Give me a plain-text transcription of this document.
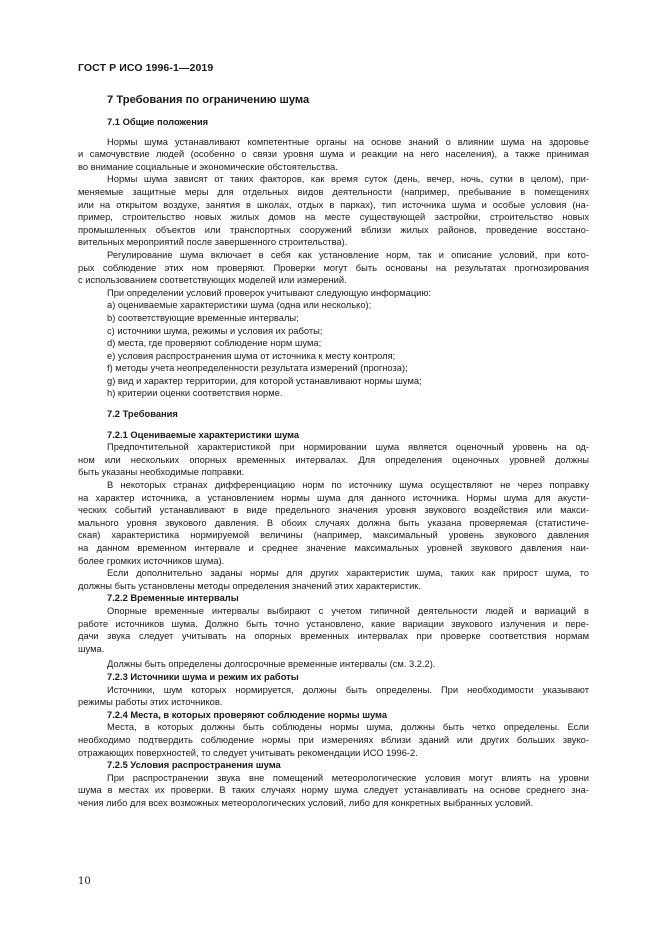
ГОСТ Р ИСО 1996-1—2019
7 Требования по ограничению шума
7.1 Общие положения
Нормы шума устанавливают компетентные органы на основе знаний о влиянии шума на здоровье
и самочувствие людей (особенно о связи уровня шума и реакции на него населения), а также принимая
во внимание социальные и экономические обстоятельства.
Нормы шума зависят от таких факторов, как время суток (день, вечер, ночь, сутки в целом), при-
меняемые защитные меры для отдельных видов деятельности (например, пребывание в помещениях
или на открытом воздухе, занятия в школах, отдых в парках), тип источника шума и особые условия (на-
пример, строительство новых жилых домов на месте существующей застройки, строительство новых
промышленных объектов или транспортных сооружений вблизи жилых районов, проведение восстано-
вительных мероприятий после завершенного строительства).
Регулирование шума включает в себя как установление норм, так и описание условий, при кото-
рых соблюдение этих ном проверяют. Проверки могут быть основаны на результатах прогнозирования
с использованием соответствующих моделей или измерений.
При определении условий проверок учитывают следующую информацию:
a) оцениваемые характеристики шума (одна или несколько);
b) соответствующие временные интервалы;
c) источники шума, режимы и условия их работы;
d) места, где проверяют соблюдение норм шума;
e) условия распространения шума от источника к месту контроля;
f) методы учета неопределенности результата измерений (прогноза);
g) вид и характер территории, для которой устанавливают нормы шума;
h) критерии оценки соответствия норме.
7.2 Требования
7.2.1 Оцениваемые характеристики шума
Предпочтительной характеристикой при нормировании шума является оценочный уровень на од-
ном или нескольких опорных временных интервалах. Для определения оценочных уровней должны
быть указаны необходимые поправки.
В некоторых странах дифференциацию норм по источнику шума осуществляют не через поправку
на характер источника, а установлением нормы шума для данного источника. Нормы шума для акусти-
ческих событий устанавливают в виде предельного значения уровня звукового воздействия или макси-
мального уровня звукового давления. В обоих случаях должна быть указана проверяемая (статистиче-
ская) характеристика нормируемой величины (например, максимальный уровень звукового давления
на данном временном интервале и среднее значение максимальных уровней звукового давления наи-
более громких источников шума).
Если дополнительно заданы нормы для других характеристик шума, таких как прирост шума, то
должны быть установлены методы определения значений этих характеристик.
7.2.2 Временные интервалы
Опорные временные интервалы выбирают с учетом типичной деятельности людей и вариаций в
работе источников шума. Должно быть точно установлено, какие вариации звукового излучения и пере-
дачи звука следует учитывать на опорных временных интервалах при проверке соответствия нормам
шума.
Должны быть определены долгосрочные временные интервалы (см. 3.2.2).
7.2.3 Источники шума и режим их работы
Источники, шум которых нормируется, должны быть определены. При необходимости указывают
режимы работы этих источников.
7.2.4 Места, в которых проверяют соблюдение нормы шума
Места, в которых должны быть соблюдены нормы шума, должны быть четко определены. Если
необходимо подтвердить соблюдение нормы при измерениях вблизи зданий или других больших звуко-
отражающих поверхностей, то следует учитывать рекомендации ИСО 1996-2.
7.2.5 Условия распространения шума
При распространении звука вне помещений метеорологические условия могут влиять на уровни
шума в местах их проверки. В таких случаях норму шума следует устанавливать на основе среднего зна-
чения либо для всех возможных метеорологических условий, либо для конкретных выбранных условий.
10
